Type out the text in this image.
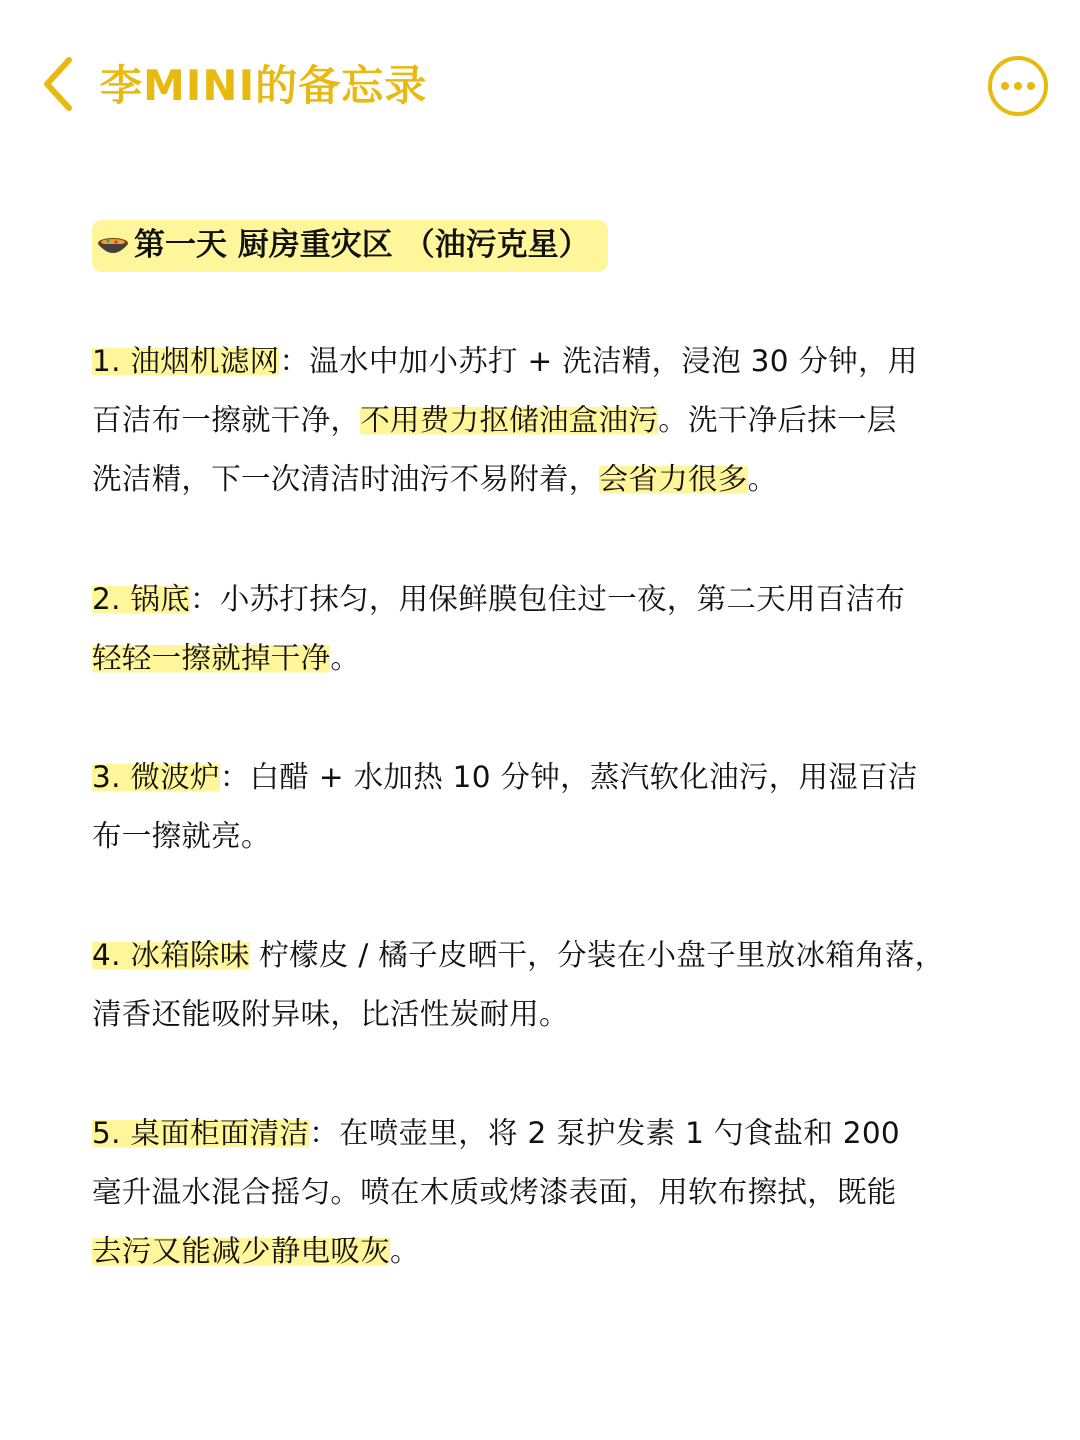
李MINI的备忘录
第一天 厨房重灾区 （油污克星）
1. 油烟机滤网：温水中加小苏打 + 洗洁精，浸泡 30 分钟，用
百洁布一擦就干净，不用费力抠储油盒油污。洗干净后抹一层
洗洁精，下一次清洁时油污不易附着，会省力很多。
2. 锅底：小苏打抹匀，用保鲜膜包住过一夜，第二天用百洁布
轻轻一擦就掉干净。
3. 微波炉：白醋 + 水加热 10 分钟，蒸汽软化油污，用湿百洁
布一擦就亮。
4. 冰箱除味 柠檬皮 / 橘子皮晒干，分装在小盘子里放冰箱角落，
清香还能吸附异味，比活性炭耐用。
5. 桌面柜面清洁：在喷壶里，将 2 泵护发素 1 勺食盐和 200
毫升温水混合摇匀。喷在木质或烤漆表面，用软布擦拭，既能
去污又能减少静电吸灰。
